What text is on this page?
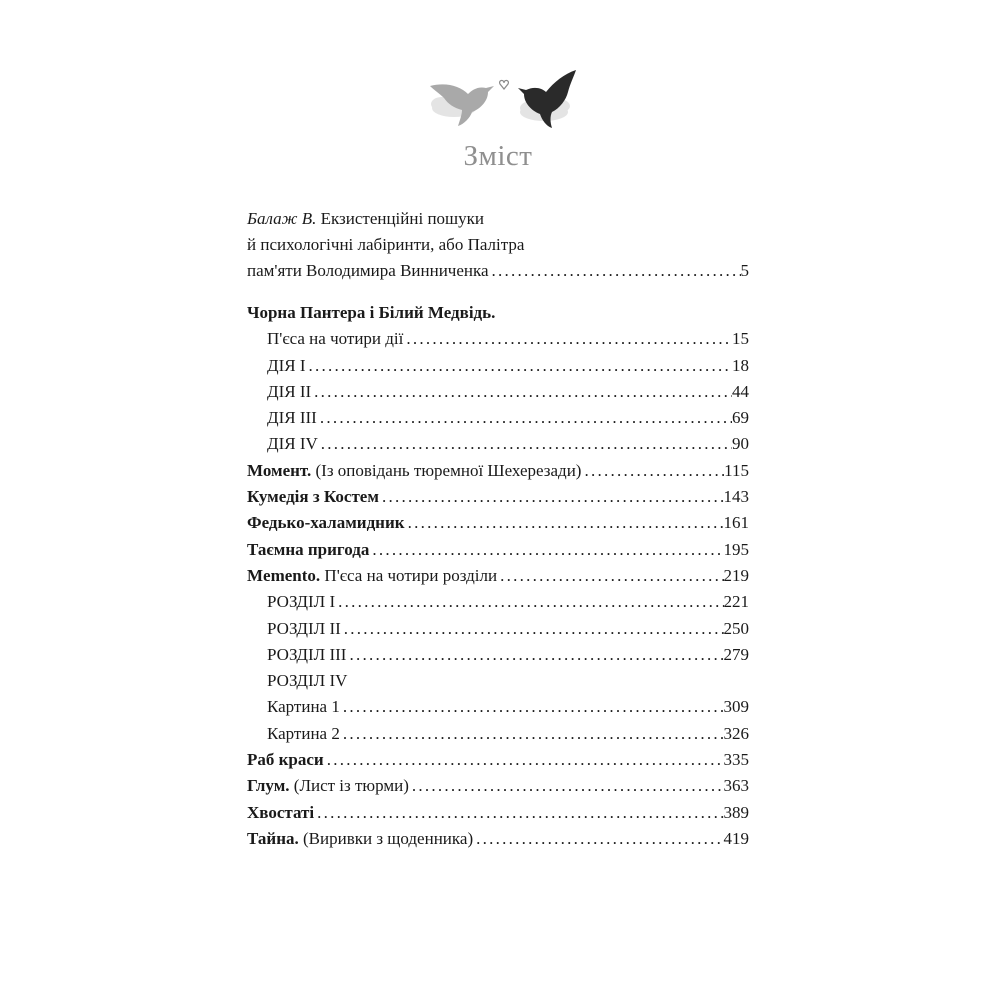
Зміст
Балаж В. Екзистенційні пошуки
й психологічні лабіринти, або Палітра
пам'яти Володимира Винниченка . . .	5
Чорна Пантера і Білий Медвідь.
П'єса на чотири дії . . .	15
ДІЯ І . . .	18
ДІЯ ІІ . . .	44
ДІЯ ІІІ . . .	69
ДІЯ ІV . . .	90
Момент. (Із оповідань тюремної Шехерезади) . . .	115
Кумедія з Костем . . .	143
Федько-халамидник . . .	161
Таємна пригода . . .	195
Memento. П'єса на чотири розділи . . .	219
РОЗДІЛ І . . .	221
РОЗДІЛ ІІ . . .	250
РОЗДІЛ ІІІ . . .	279
РОЗДІЛ ІV
Картина 1 . . .	309
Картина 2 . . .	326
Раб краси . . .	335
Глум. (Лист із тюрми) . . .	363
Хвостаті . . .	389
Тайна. (Виривки з щоденника) . . .	419
